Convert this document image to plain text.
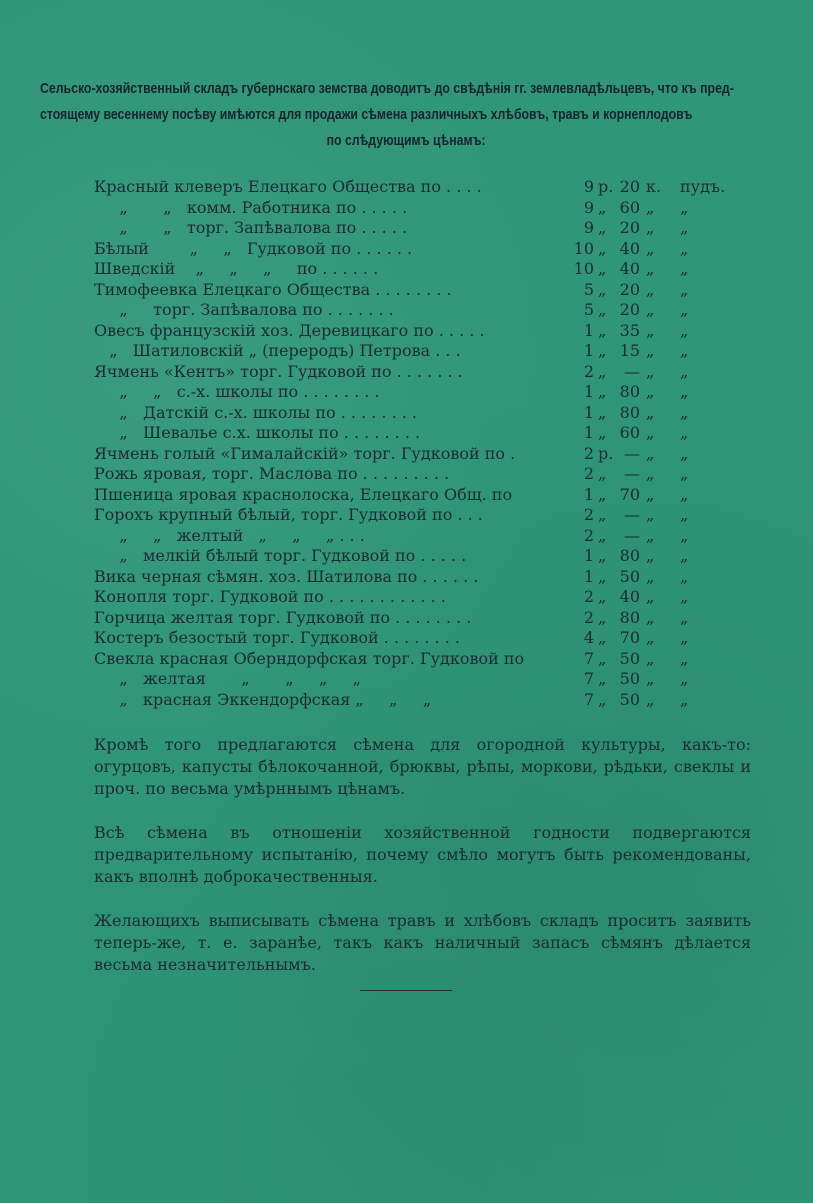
Сельско-хозяйственный складъ губернскаго земства доводитъ до свѣдѣнія гг. землевладѣльцевъ, что къ пред-
стоящему весеннему посѣву имѣются для продажи сѣмена различныхъ хлѣбовъ, травъ и корнеплодовъ
по слѣдующимъ цѣнамъ:
Красный клеверъ Елецкаго Общества по . . . .	9 р. 20 к. пудъ.
„       „   комм. Работника по . . . . .	9 „ 60 „ „
„       „   торг. Запѣвалова по . . . . .	9 „ 20 „ „
Бѣлый        „     „   Гудковой по . . . . . .	10 „ 40 „ „
Шведскій    „     „     „     по . . . . . .	10 „ 40 „ „
Тимофеевка Елецкаго Общества . . . . . . . .	5 „ 20 „ „
„     торг. Запѣвалова по . . . . . . .	5 „ 20 „ „
Овесъ французскій хоз. Деревицкаго по . . . . .	1 „ 35 „ „
„   Шатиловскій „ (переродъ) Петрова . . .	1 „ 15 „ „
Ячмень «Кентъ» торг. Гудковой по . . . . . . .	2 „	— „ „
„     „   с.-х. школы по . . . . . . . .	1 „ 80 „ „
„   Датскій с.-х. школы по . . . . . . . .	1 „ 80 „ „
„   Шевалье с.х. школы по . . . . . . . .	1 „ 60 „ „
Ячмень голый «Гималайскій» торг. Гудковой по .	2 р. — „ „
Рожь яровая, торг. Маслова по . . . . . . . . .	2 „	— „ „
Пшеница яровая краснолоскa, Елецкаго Общ. по	1 „ 70 „ „
Горохъ крупный бѣлый, торг. Гудковой по . . .	2 „	— „ „
„     „   желтый   „     „     „ . . .	2 „	— „ „
„   мелкій бѣлый торг. Гудковой по . . . . .	1 „ 80 „ „
Вика черная сѣмян. хоз. Шатилова по . . . . . .	1 „ 50 „ „
Конопля торг. Гудковой по . . . . . . . . . . . .	2 „ 40 „ „
Горчица желтая торг. Гудковой по . . . . . . . .	2 „ 80 „ „
Костеръ безостый торг. Гудковой . . . . . . . .	4 „ 70 „ „
Свекла красная Оберндорфская торг. Гудковой по	7 „ 50 „ „
„   желтая       „       „     „     „	7 „ 50 „ „
„   красная Эккендорфская „     „     „	7 „ 50 „ „
Кромѣ того предлагаются сѣмена для огородной культуры, какъ-то: огурцовъ, капусты бѣлокочанной, брюквы, рѣпы, моркови, рѣдьки, свеклы и проч. по весьма умѣрннымъ цѣнамъ.
Всѣ сѣмена въ отношеніи хозяйственной годности подвергаются предварительному испытанію, почему смѣло могутъ быть рекомендованы, какъ вполнѣ доброкачественныя.
Желающихъ выписывать сѣмена травъ и хлѣбовъ складъ проситъ заявить теперь-же, т. е. заранѣе, такъ какъ наличный запасъ сѣмянъ дѣлается весьма незначительнымъ.
